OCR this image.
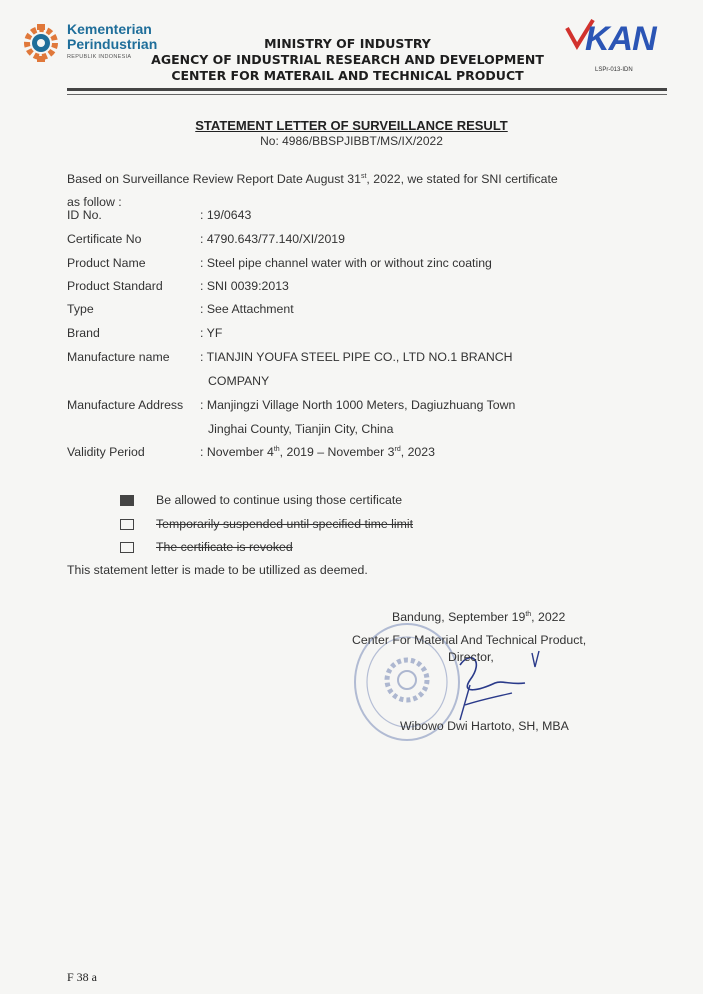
Kementerian
Perindustrian
REPUBLIK INDONESIA
MINISTRY OF INDUSTRY
AGENCY OF INDUSTRIAL RESEARCH AND DEVELOPMENT
CENTER FOR MATERAIL AND TECHNICAL PRODUCT
KAN
LSPr-013-IDN
STATEMENT LETTER OF SURVEILLANCE RESULT
No: 4986/BBSPJIBBT/MS/IX/2022
Based on Surveillance Review Report Date August 31st, 2022, we stated for SNI certificate
as follow :
ID No.	: 19/0643
Certificate No	: 4790.643/77.140/XI/2019
Product Name	: Steel pipe channel water with or without zinc coating
Product Standard	: SNI 0039:2013
Type	: See Attachment
Brand	: YF
Manufacture name : TIANJIN YOUFA STEEL PIPE CO., LTD NO.1 BRANCH
COMPANY
Manufacture Address : Manjingzi Village North 1000 Meters, Dagiuzhuang Town
Jinghai County, Tianjin City, China
Validity Period	: November 4th, 2019 – November 3rd, 2023
Be allowed to continue using those certificate
Temporarily suspended until specified time limit
The certificate is revoked
This statement letter is made to be utillized as deemed.
Bandung, September 19th, 2022
Center For Material And Technical Product,
Director,
Wibowo Dwi Hartoto, SH, MBA
F 38 a
